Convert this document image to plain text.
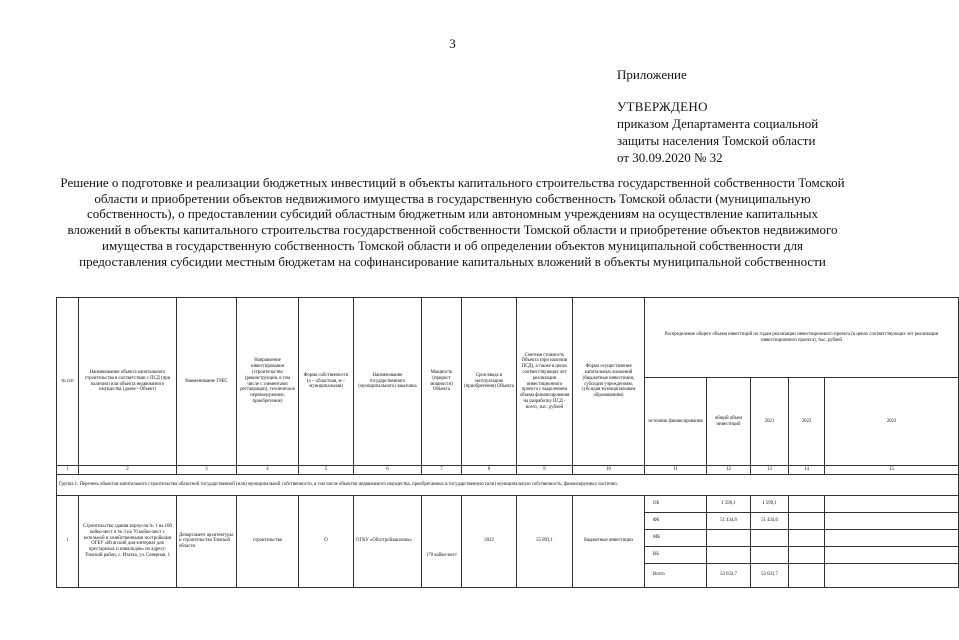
3
Приложение
УТВЕРЖДЕНО
приказом Департамента социальной
защиты населения Томской области
от 30.09.2020 № 32
Решение о подготовке и реализации бюджетных инвестиций в объекты капитального строительства государственной собственности Томской области и приобретении объектов недвижимого имущества в государственную собственность Томской области (муниципальную собственность), о предоставлении субсидий областным бюджетным или автономным учреждениям на осуществление капитальных вложений в объекты капитального строительства государственной собственности Томской области и приобретение объектов недвижимого имущества в государственную собственность Томской области и об определении объектов муниципальной собственности для предоставления субсидии местным бюджетам на софинансирование капитальных вложений в объекты муниципальной собственности
№ п/п	Наименование объекта капитального строительства в соответствии с ПСД (при наличии) или объекта недвижимого имущества (далее - Объект)	Наименование ГРБС	Направление инвестирования (строительство (реконструкция, в том числе с элементами реставрации), техническое перевооружение, приобретение)	Форма собственности (о – областная, м – муниципальная)	Наименование государственного (муниципального) заказчика	Мощность (прирост мощности) Объекта	Срок ввода в эксплуатацию (приобретения) Объекта	Сметная стоимость Объекта (при наличии ПСД), а также в ценах соответствующих лет реализации инвестиционного проекта с выделением объема финансирования на разработку ПСД - всего, тыс. рублей	Форма осуществления капитальных вложений (бюджетные инвестиции, субсидия учреждениям, субсидия муниципальным образованиям)	Распределение общего объема инвестиций по годам реализации инвестиционного проекта (в ценах соответствующих лет реализации инвестиционного проекта), тыс. рублей				
										источник финансирования	общий объем инвестиций	2021	2022	2023
1	2	3	4	5	6	7	8	9	10	11	12	13	14	15
Группа 1. Перечень объектов капитального строительства областной государственной (или) муниципальной собственности, в том числе объектов недвижимого имущества, приобретаемых в государственную (или) муниципальную собственность, финансируемых частично.														
1	Строительство здания корпусов № 1 на 100 койко-мест и № 3 на 70 койко-мест с котельной и хозяйственными постройками ОГБУ «Итатский дом-интернат для престарелых и инвалидов» по адресу: Томский район, с. Итатка, ул. Северная, 1	Департамент архитектуры и строительства Томской области	строительство	О	ОГКУ «Облстройзаказчик»	170 койко-мест	2022	55 093,1	бюджетные инвестиции	ОБ	1 599,1	1 599,1		
										ФБ	51 434,6	51 434,6		
										МБ				
										ВБ				
										Всего	53 033,7	53 033,7		
